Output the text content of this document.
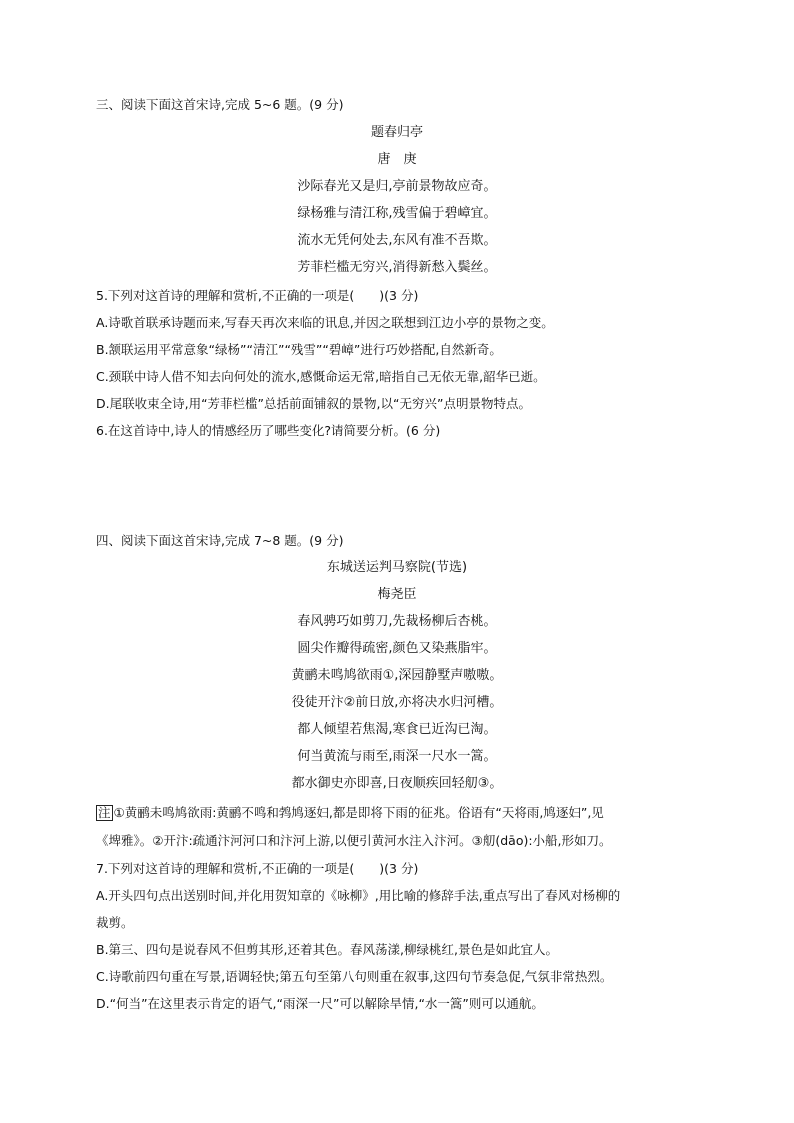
三、阅读下面这首宋诗,完成 5~6 题。(9 分)
题春归亭
唐　庚
沙际春光又是归,亭前景物故应奇。
绿杨雅与清江称,残雪偏于碧嶂宜。
流水无凭何处去,东风有准不吾欺。
芳菲栏槛无穷兴,消得新愁入鬓丝。
5.下列对这首诗的理解和赏析,不正确的一项是(　　)(3 分)
A.诗歌首联承诗题而来,写春天再次来临的讯息,并因之联想到江边小亭的景物之变。
B.颔联运用平常意象“绿杨”“清江”“残雪”“碧嶂”进行巧妙搭配,自然新奇。
C.颈联中诗人借不知去向何处的流水,感慨命运无常,暗指自己无依无靠,韶华已逝。
D.尾联收束全诗,用“芳菲栏槛”总括前面铺叙的景物,以“无穷兴”点明景物特点。
6.在这首诗中,诗人的情感经历了哪些变化?请简要分析。(6 分)
四、阅读下面这首宋诗,完成 7~8 题。(9 分)
东城送运判马察院(节选)
梅尧臣
春风骋巧如剪刀,先裁杨柳后杏桃。
圆尖作瓣得疏密,颜色又染燕脂牢。
黄鹂未鸣鸠欲雨①,深园静墅声嗷嗷。
役徒开汴②前日放,亦将决水归河槽。
都人倾望若焦渴,寒食已近沟已淘。
何当黄流与雨至,雨深一尺水一篙。
都水御史亦即喜,日夜顺疾回轻舠③。
注 ①黄鹂未鸣鸠欲雨:黄鹂不鸣和鹁鸠逐妇,都是即将下雨的征兆。俗语有“天将雨,鸠逐妇”,见
《埤雅》。②开汴:疏通汴河河口和汴河上游,以便引黄河水注入汴河。③舠(dāo):小船,形如刀。
7.下列对这首诗的理解和赏析,不正确的一项是(　　)(3 分)
A.开头四句点出送别时间,并化用贺知章的《咏柳》,用比喻的修辞手法,重点写出了春风对杨柳的
裁剪。
B.第三、四句是说春风不但剪其形,还着其色。春风荡漾,柳绿桃红,景色是如此宜人。
C.诗歌前四句重在写景,语调轻快;第五句至第八句则重在叙事,这四句节奏急促,气氛非常热烈。
D.“何当”在这里表示肯定的语气,“雨深一尺”可以解除旱情,“水一篙”则可以通航。
